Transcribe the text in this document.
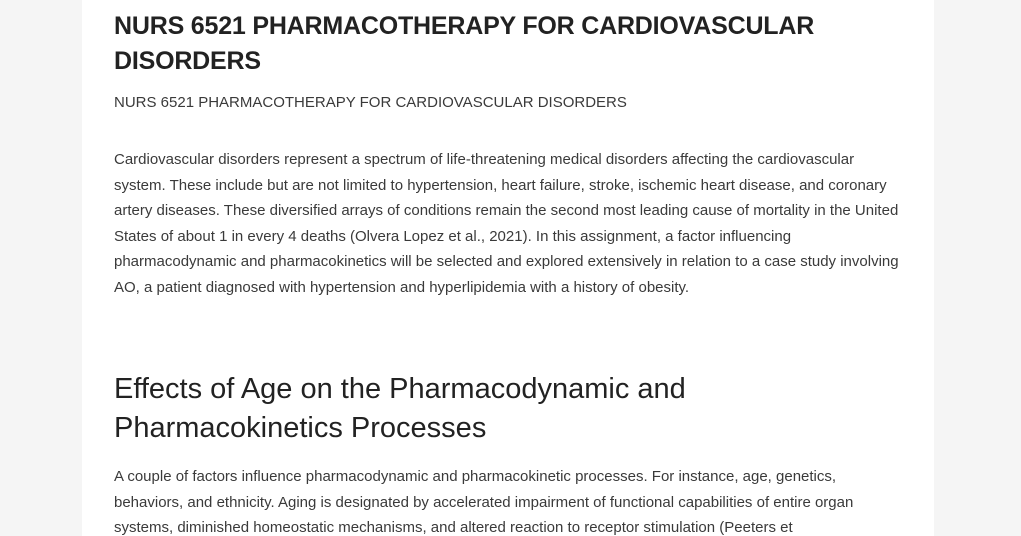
NURS 6521 PHARMACOTHERAPY FOR CARDIOVASCULAR DISORDERS

NURS 6521 PHARMACOTHERAPY FOR CARDIOVASCULAR DISORDERS

Cardiovascular disorders represent a spectrum of life-threatening medical disorders affecting the cardiovascular system. These include but are not limited to hypertension, heart failure, stroke, ischemic heart disease, and coronary artery diseases. These diversified arrays of conditions remain the second most leading cause of mortality in the United States of about 1 in every 4 deaths (Olvera Lopez et al., 2021). In this assignment, a factor influencing pharmacodynamic and pharmacokinetics will be selected and explored extensively in relation to a case study involving AO, a patient diagnosed with hypertension and hyperlipidemia with a history of obesity.

Effects of Age on the Pharmacodynamic and Pharmacokinetics Processes

A couple of factors influence pharmacodynamic and pharmacokinetic processes. For instance, age, genetics, behaviors, and ethnicity. Aging is designated by accelerated impairment of functional capabilities of entire organ systems, diminished homeostatic mechanisms, and altered reaction to receptor stimulation (Peeters et
